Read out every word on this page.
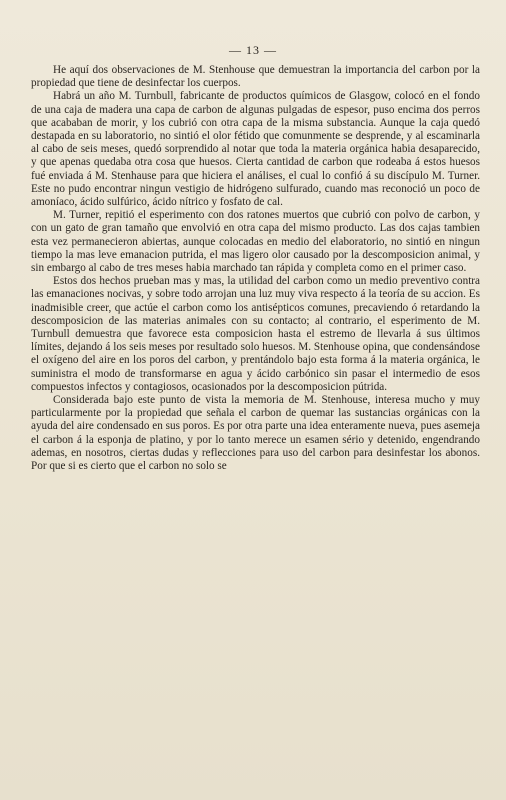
— 13 —

He aquí dos observaciones de M. Stenhouse que demuestran la importancia del carbon por la propiedad que tiene de desinfectar los cuerpos.

Habrá un año M. Turnbull, fabricante de productos químicos de Glasgow, colocó en el fondo de una caja de madera una capa de carbon de algunas pulgadas de espesor, puso encima dos perros que acababan de morir, y los cubrió con otra capa de la misma substancia. Aunque la caja quedó destapada en su laboratorio, no sintió el olor fétido que comunmente se desprende, y al escaminarla al cabo de seis meses, quedó sorprendido al notar que toda la materia orgánica habia desaparecido, y que apenas quedaba otra cosa que huesos. Cierta cantidad de carbon que rodeaba á estos huesos fué enviada á M. Stenhause para que hiciera el análises, el cual lo confió á su discípulo M. Turner. Este no pudo encontrar ningun vestigio de hidrógeno sulfurado, cuando mas reconoció un poco de amoníaco, ácido sulfúrico, ácido nítrico y fosfato de cal.

M. Turner, repitió el esperimento con dos ratones muertos que cubrió con polvo de carbon, y con un gato de gran tamaño que envolvió en otra capa del mismo producto. Las dos cajas tambien esta vez permanecieron abiertas, aunque colocadas en medio del elaboratorio, no sintió en ningun tiempo la mas leve emanacion putrida, el mas ligero olor causado por la descomposicion animal, y sin embargo al cabo de tres meses habia marchado tan rápida y completa como en el primer caso.

Estos dos hechos prueban mas y mas, la utilidad del carbon como un medio preventivo contra las emanaciones nocivas, y sobre todo arrojan una luz muy viva respecto á la teoría de su accion. Es inadmisible creer, que actúe el carbon como los antisépticos comunes, precaviendo ó retardando la descomposicion de las materias animales con su contacto; al contrario, el esperimento de M. Turnbull demuestra que favorece esta composicion hasta el estremo de llevarla á sus últimos límites, dejando á los seis meses por resultado solo huesos. M. Stenhouse opina, que condensándose el oxígeno del aire en los poros del carbon, y prentándolo bajo esta forma á la materia orgánica, le suministra el modo de transformarse en agua y ácido carbónico sin pasar el intermedio de esos compuestos infectos y contagiosos, ocasionados por la descomposicion pútrida.

Considerada bajo este punto de vista la memoria de M. Stenhouse, interesa mucho y muy particularmente por la propiedad que señala el carbon de quemar las sustancias orgánicas con la ayuda del aire condensado en sus poros. Es por otra parte una idea enteramente nueva, pues asemeja el carbon á la esponja de platino, y por lo tanto merece un esamen sério y detenido, engendrando ademas, en nosotros, ciertas dudas y reflecciones para uso del carbon para desinfestar los abonos. Por que si es cierto que el carbon no solo se
